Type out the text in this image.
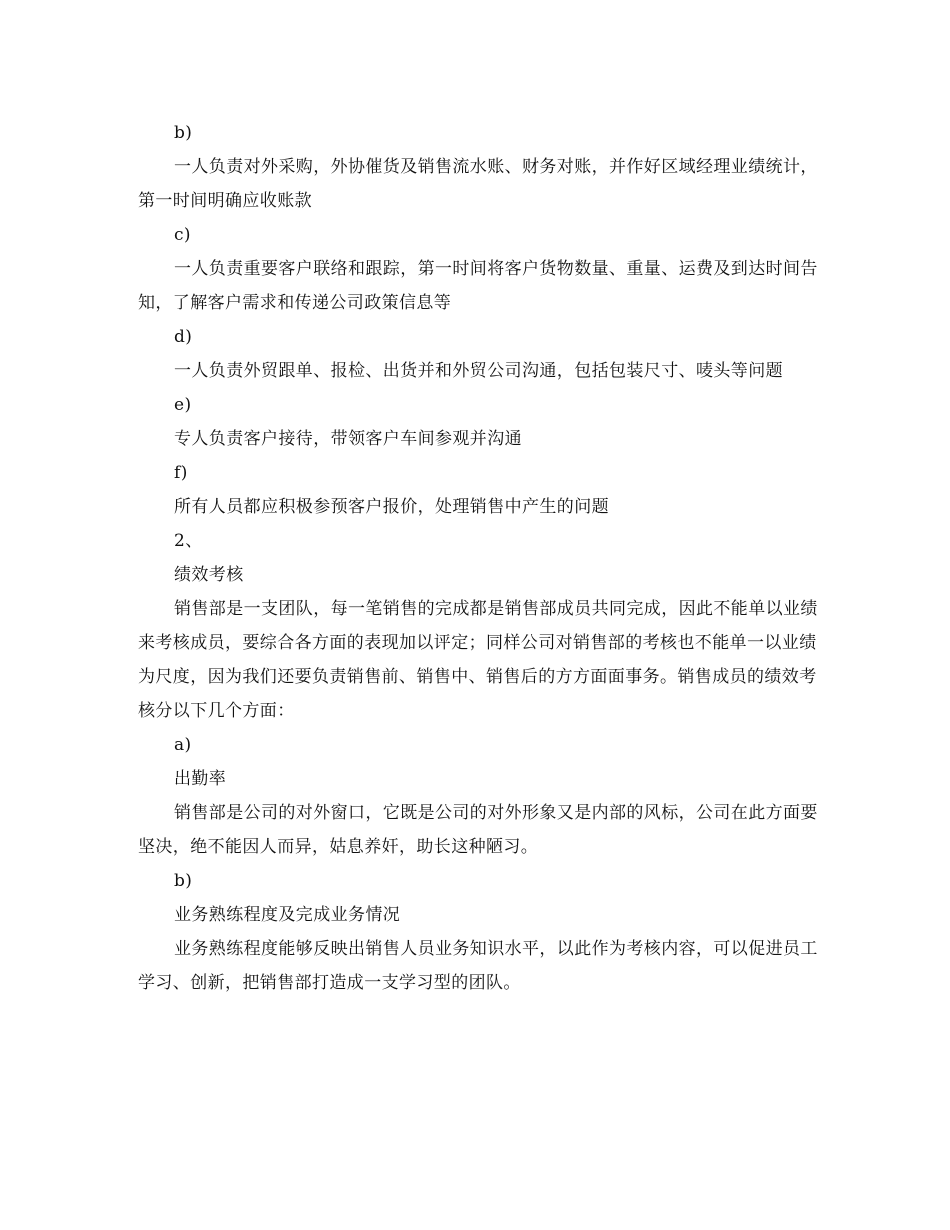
b)

一人负责对外采购，外协催货及销售流水账、财务对账，并作好区域经理业绩统计，第一时间明确应收账款

c)

一人负责重要客户联络和跟踪，第一时间将客户货物数量、重量、运费及到达时间告知，了解客户需求和传递公司政策信息等

d)

一人负责外贸跟单、报检、出货并和外贸公司沟通，包括包装尺寸、唛头等问题

e)

专人负责客户接待，带领客户车间参观并沟通

f)

所有人员都应积极参预客户报价，处理销售中产生的问题

2、

绩效考核

销售部是一支团队，每一笔销售的完成都是销售部成员共同完成，因此不能单以业绩来考核成员，要综合各方面的表现加以评定；同样公司对销售部的考核也不能单一以业绩为尺度，因为我们还要负责销售前、销售中、销售后的方方面面事务。销售成员的绩效考核分以下几个方面：

a)

出勤率

销售部是公司的对外窗口，它既是公司的对外形象又是内部的风标，公司在此方面要坚决，绝不能因人而异，姑息养奸，助长这种陋习。

b)

业务熟练程度及完成业务情况

业务熟练程度能够反映出销售人员业务知识水平，以此作为考核内容，可以促进员工学习、创新，把销售部打造成一支学习型的团队。
